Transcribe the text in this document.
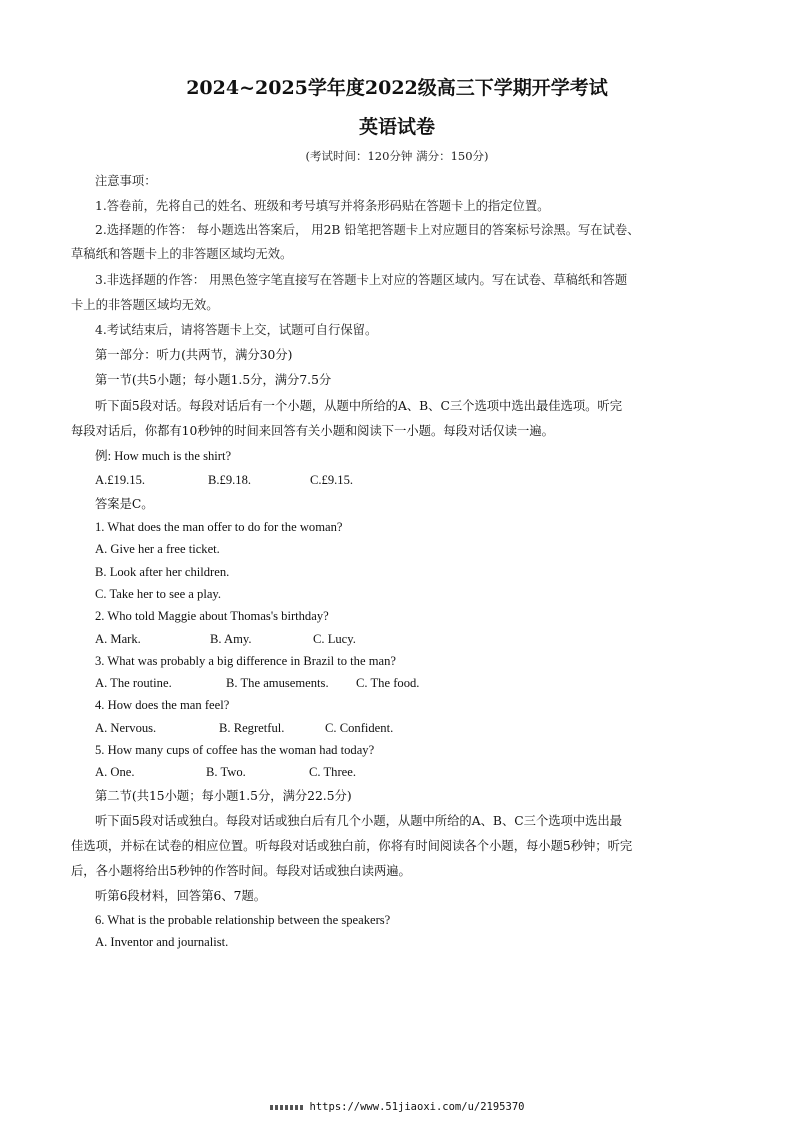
2024~2025学年度2022级高三下学期开学考试
英语试卷
(考试时间：120分钟 满分：150分)
注意事项：
1.答卷前，先将自己的姓名、班级和考号填写并将条形码贴在答题卡上的指定位置。
2.选择题的作答： 每小题选出答案后， 用2B 铅笔把答题卡上对应题目的答案标号涂黑。写在试卷、
草稿纸和答题卡上的非答题区域均无效。
3.非选择题的作答： 用黑色签字笔直接写在答题卡上对应的答题区域内。写在试卷、草稿纸和答题
卡上的非答题区域均无效。
4.考试结束后，请将答题卡上交，试题可自行保留。
第一部分：听力(共两节，满分30分)
第一节(共5小题；每小题1.5分，满分7.5分
听下面5段对话。每段对话后有一个小题，从题中所给的A、B、C三个选项中选出最佳选项。听完
每段对话后，你都有10秒钟的时间来回答有关小题和阅读下一小题。每段对话仅读一遍。
例: How much is the shirt?
A.£19.15.	B.£9.18.	C.£9.15.
答案是C。
1. What does the man offer to do for the woman?
A. Give her a free ticket.
B. Look after her children.
C. Take her to see a play.
2. Who told Maggie about Thomas's birthday?
A. Mark.	B. Amy.	C. Lucy.
3. What was probably a big difference in Brazil to the man?
A. The routine.	B. The amusements. C. The food.
4. How does the man feel?
A. Nervous.	B. Regretful.	C. Confident.
5. How many cups of coffee has the woman had today?
A. One.	B. Two.	C. Three.
第二节(共15小题；每小题1.5分，满分22.5分)
听下面5段对话或独白。每段对话或独白后有几个小题，从题中所给的A、B、C三个选项中选出最
佳选项，并标在试卷的相应位置。听每段对话或独白前，你将有时间阅读各个小题，每小题5秒钟；听完
后，各小题将给出5秒钟的作答时间。每段对话或独白读两遍。
听第6段材料，回答第6、7题。
6. What is the probable relationship between the speakers?
A. Inventor and journalist.
https://www.51jiaoxi.com/u/2195370
